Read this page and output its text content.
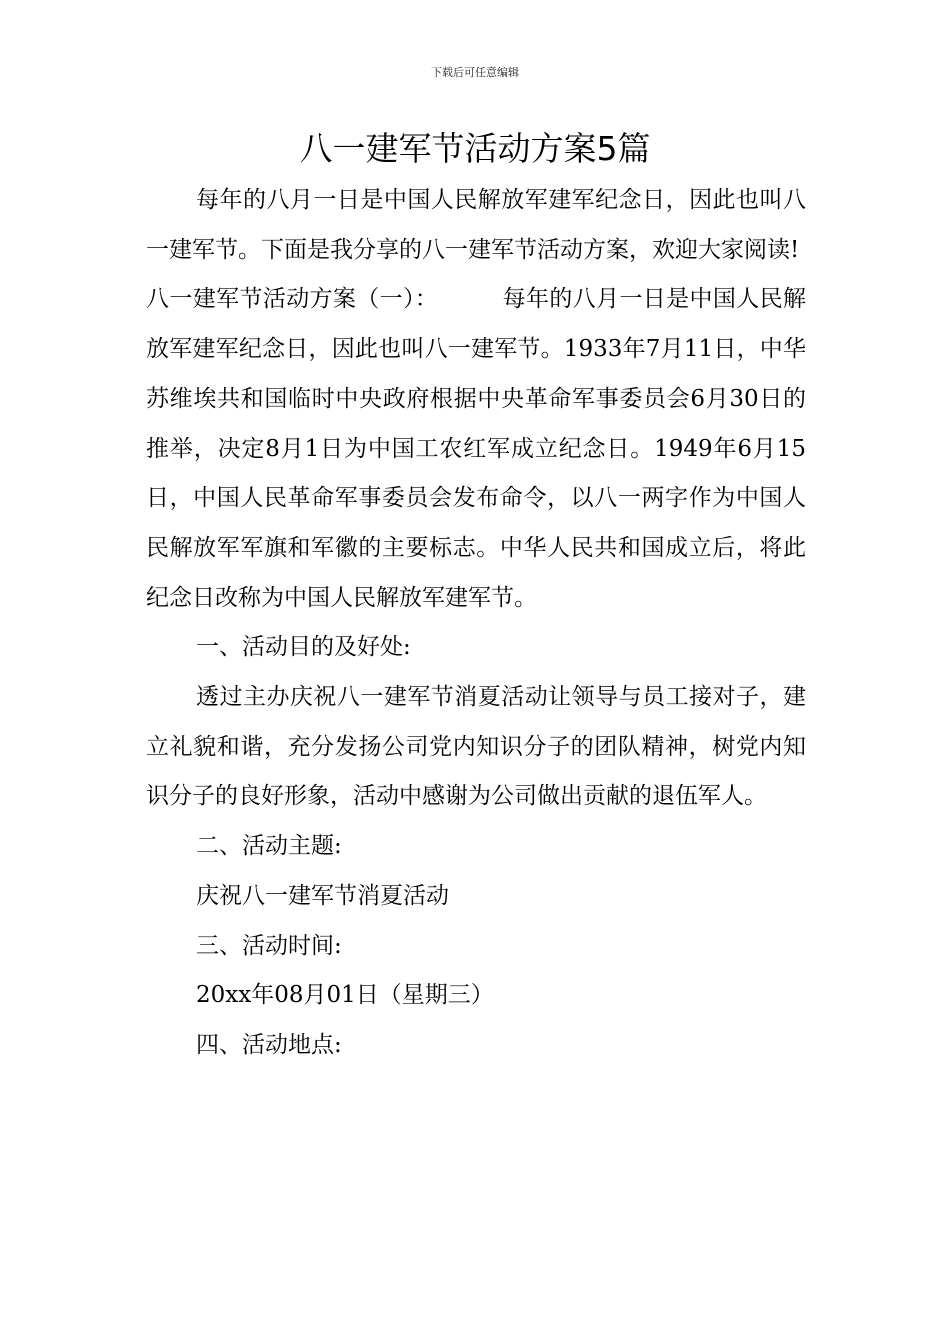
下载后可任意编辑
八一建军节活动方案5篇

每年的八月一日是中国人民解放军建军纪念日，因此也叫八一建军节。下面是我分享的八一建军节活动方案，欢迎大家阅读!

八一建军节活动方案（一）：	每年的八月一日是中国人民解放军建军纪念日，因此也叫八一建军节。1933年7月11日，中华苏维埃共和国临时中央政府根据中央革命军事委员会6月30日的推举，决定8月1日为中国工农红军成立纪念日。1949年6月15日，中国人民革命军事委员会发布命令，以八一两字作为中国人民解放军军旗和军徽的主要标志。中华人民共和国成立后，将此纪念日改称为中国人民解放军建军节。

一、活动目的及好处:

透过主办庆祝八一建军节消夏活动让领导与员工接对子，建立礼貌和谐，充分发扬公司党内知识分子的团队精神，树党内知识分子的良好形象，活动中感谢为公司做出贡献的退伍军人。

二、活动主题:

庆祝八一建军节消夏活动

三、活动时间:

20xx年08月01日（星期三）

四、活动地点:
